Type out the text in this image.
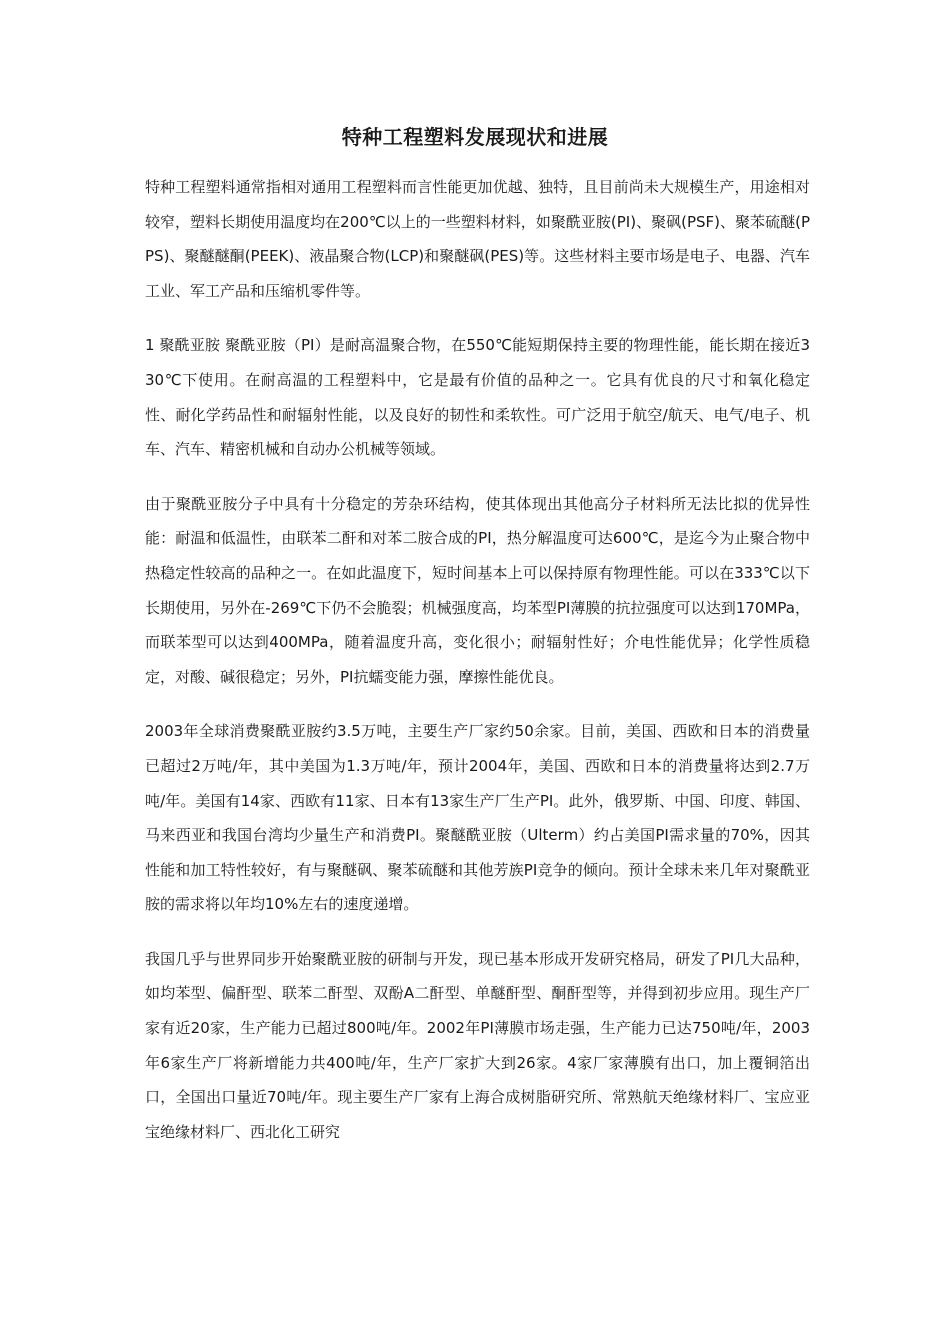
特种工程塑料发展现状和进展

特种工程塑料通常指相对通用工程塑料而言性能更加优越、独特，且目前尚未大规模生产，用途相对较窄，塑料长期使用温度均在200℃以上的一些塑料材料，如聚酰亚胺(PI)、聚砜(PSF)、聚苯硫醚(PPS)、聚醚醚酮(PEEK)、液晶聚合物(LCP)和聚醚砜(PES)等。这些材料主要市场是电子、电器、汽车工业、军工产品和压缩机零件等。

1 聚酰亚胺 聚酰亚胺（PI）是耐高温聚合物，在550℃能短期保持主要的物理性能，能长期在接近330℃下使用。在耐高温的工程塑料中，它是最有价值的品种之一。它具有优良的尺寸和氧化稳定性、耐化学药品性和耐辐射性能，以及良好的韧性和柔软性。可广泛用于航空/航天、电气/电子、机车、汽车、精密机械和自动办公机械等领域。

由于聚酰亚胺分子中具有十分稳定的芳杂环结构，使其体现出其他高分子材料所无法比拟的优异性能：耐温和低温性，由联苯二酐和对苯二胺合成的PI，热分解温度可达600℃，是迄今为止聚合物中热稳定性较高的品种之一。在如此温度下，短时间基本上可以保持原有物理性能。可以在333℃以下长期使用，另外在-269℃下仍不会脆裂；机械强度高，均苯型PI薄膜的抗拉强度可以达到170MPa，而联苯型可以达到400MPa，随着温度升高，变化很小；耐辐射性好；介电性能优异；化学性质稳定，对酸、碱很稳定；另外，PI抗蠕变能力强，摩擦性能优良。

2003年全球消费聚酰亚胺约3.5万吨，主要生产厂家约50余家。目前，美国、西欧和日本的消费量已超过2万吨/年，其中美国为1.3万吨/年，预计2004年，美国、西欧和日本的消费量将达到2.7万吨/年。美国有14家、西欧有11家、日本有13家生产厂生产PI。此外，俄罗斯、中国、印度、韩国、马来西亚和我国台湾均少量生产和消费PI。聚醚酰亚胺（Ulterm）约占美国PI需求量的70%，因其性能和加工特性较好，有与聚醚砜、聚苯硫醚和其他芳族PI竞争的倾向。预计全球未来几年对聚酰亚胺的需求将以年均10%左右的速度递增。

我国几乎与世界同步开始聚酰亚胺的研制与开发，现已基本形成开发研究格局，研发了PI几大品种，如均苯型、偏酐型、联苯二酐型、双酚A二酐型、单醚酐型、酮酐型等，并得到初步应用。现生产厂家有近20家，生产能力已超过800吨/年。2002年PI薄膜市场走强，生产能力已达750吨/年，2003年6家生产厂将新增能力共400吨/年，生产厂家扩大到26家。4家厂家薄膜有出口，加上覆铜箔出口，全国出口量近70吨/年。现主要生产厂家有上海合成树脂研究所、常熟航天绝缘材料厂、宝应亚宝绝缘材料厂、西北化工研究
